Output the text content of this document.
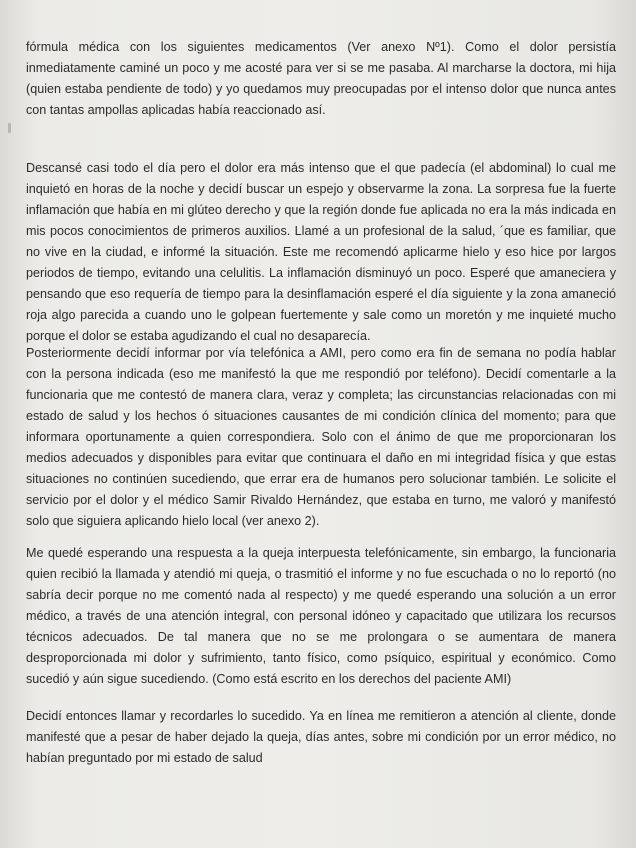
fórmula médica con los siguientes medicamentos (Ver anexo Nº1). Como el dolor persistía inmediatamente caminé un poco y me acosté para ver si se me pasaba. Al marcharse la doctora, mi hija (quien estaba pendiente de todo) y yo quedamos muy preocupadas por el intenso dolor que nunca antes con tantas ampollas aplicadas había reaccionado así.

Descansé casi todo el día pero el dolor era más intenso que el que padecía (el abdominal) lo cual me inquietó en horas de la noche y decidí buscar un espejo y observarme la zona. La sorpresa fue la fuerte inflamación que había en mi glúteo derecho y que la región donde fue aplicada no era la más indicada en mis pocos conocimientos de primeros auxilios. Llamé a un profesional de la salud, ´que es familiar, que no vive en la ciudad, e informé la situación. Este me recomendó aplicarme hielo y eso hice por largos periodos de tiempo, evitando una celulitis. La inflamación disminuyó un poco. Esperé que amaneciera y pensando que eso requería de tiempo para la desinflamación esperé el día siguiente y la zona amaneció roja algo parecida a cuando uno le golpean fuertemente y sale como un moretón y me inquieté mucho porque el dolor se estaba agudizando el cual no desaparecía.

Posteriormente decidí informar por vía telefónica a AMI, pero como era fin de semana no podía hablar con la persona indicada (eso me manifestó la que me respondió por teléfono). Decidí comentarle a la funcionaria que me contestó de manera clara, veraz y completa; las circunstancias relacionadas con mi estado de salud y los hechos ó situaciones causantes de mi condición clínica del momento; para que informara oportunamente a quien correspondiera. Solo con el ánimo de que me proporcionaran los medios adecuados y disponibles para evitar que continuara el daño en mi integridad física y que estas situaciones no continúen sucediendo, que errar era de humanos pero solucionar también. Le solicite el servicio por el dolor y el médico Samir Rivaldo Hernández, que estaba en turno, me valoró y manifestó solo que siguiera aplicando hielo local (ver anexo 2).

Me quedé esperando una respuesta a la queja interpuesta telefónicamente, sin embargo, la funcionaria quien recibió la llamada y atendió mi queja, o trasmitió el informe y no fue escuchada o no lo reportó (no sabría decir porque no me comentó nada al respecto) y me quedé esperando una solución a un error médico, a través de una atención integral, con personal idóneo y capacitado que utilizara los recursos técnicos adecuados. De tal manera que no se me prolongara o se aumentara de manera desproporcionada mi dolor y sufrimiento, tanto físico, como psíquico, espiritual y económico. Como sucedió y aún sigue sucediendo. (Como está escrito en los derechos del paciente AMI)

Decidí entonces llamar y recordarles lo sucedido. Ya en línea me remitieron a atención al cliente, donde manifesté que a pesar de haber dejado la queja, días antes, sobre mi condición por un error médico, no habían preguntado por mi estado de salud
